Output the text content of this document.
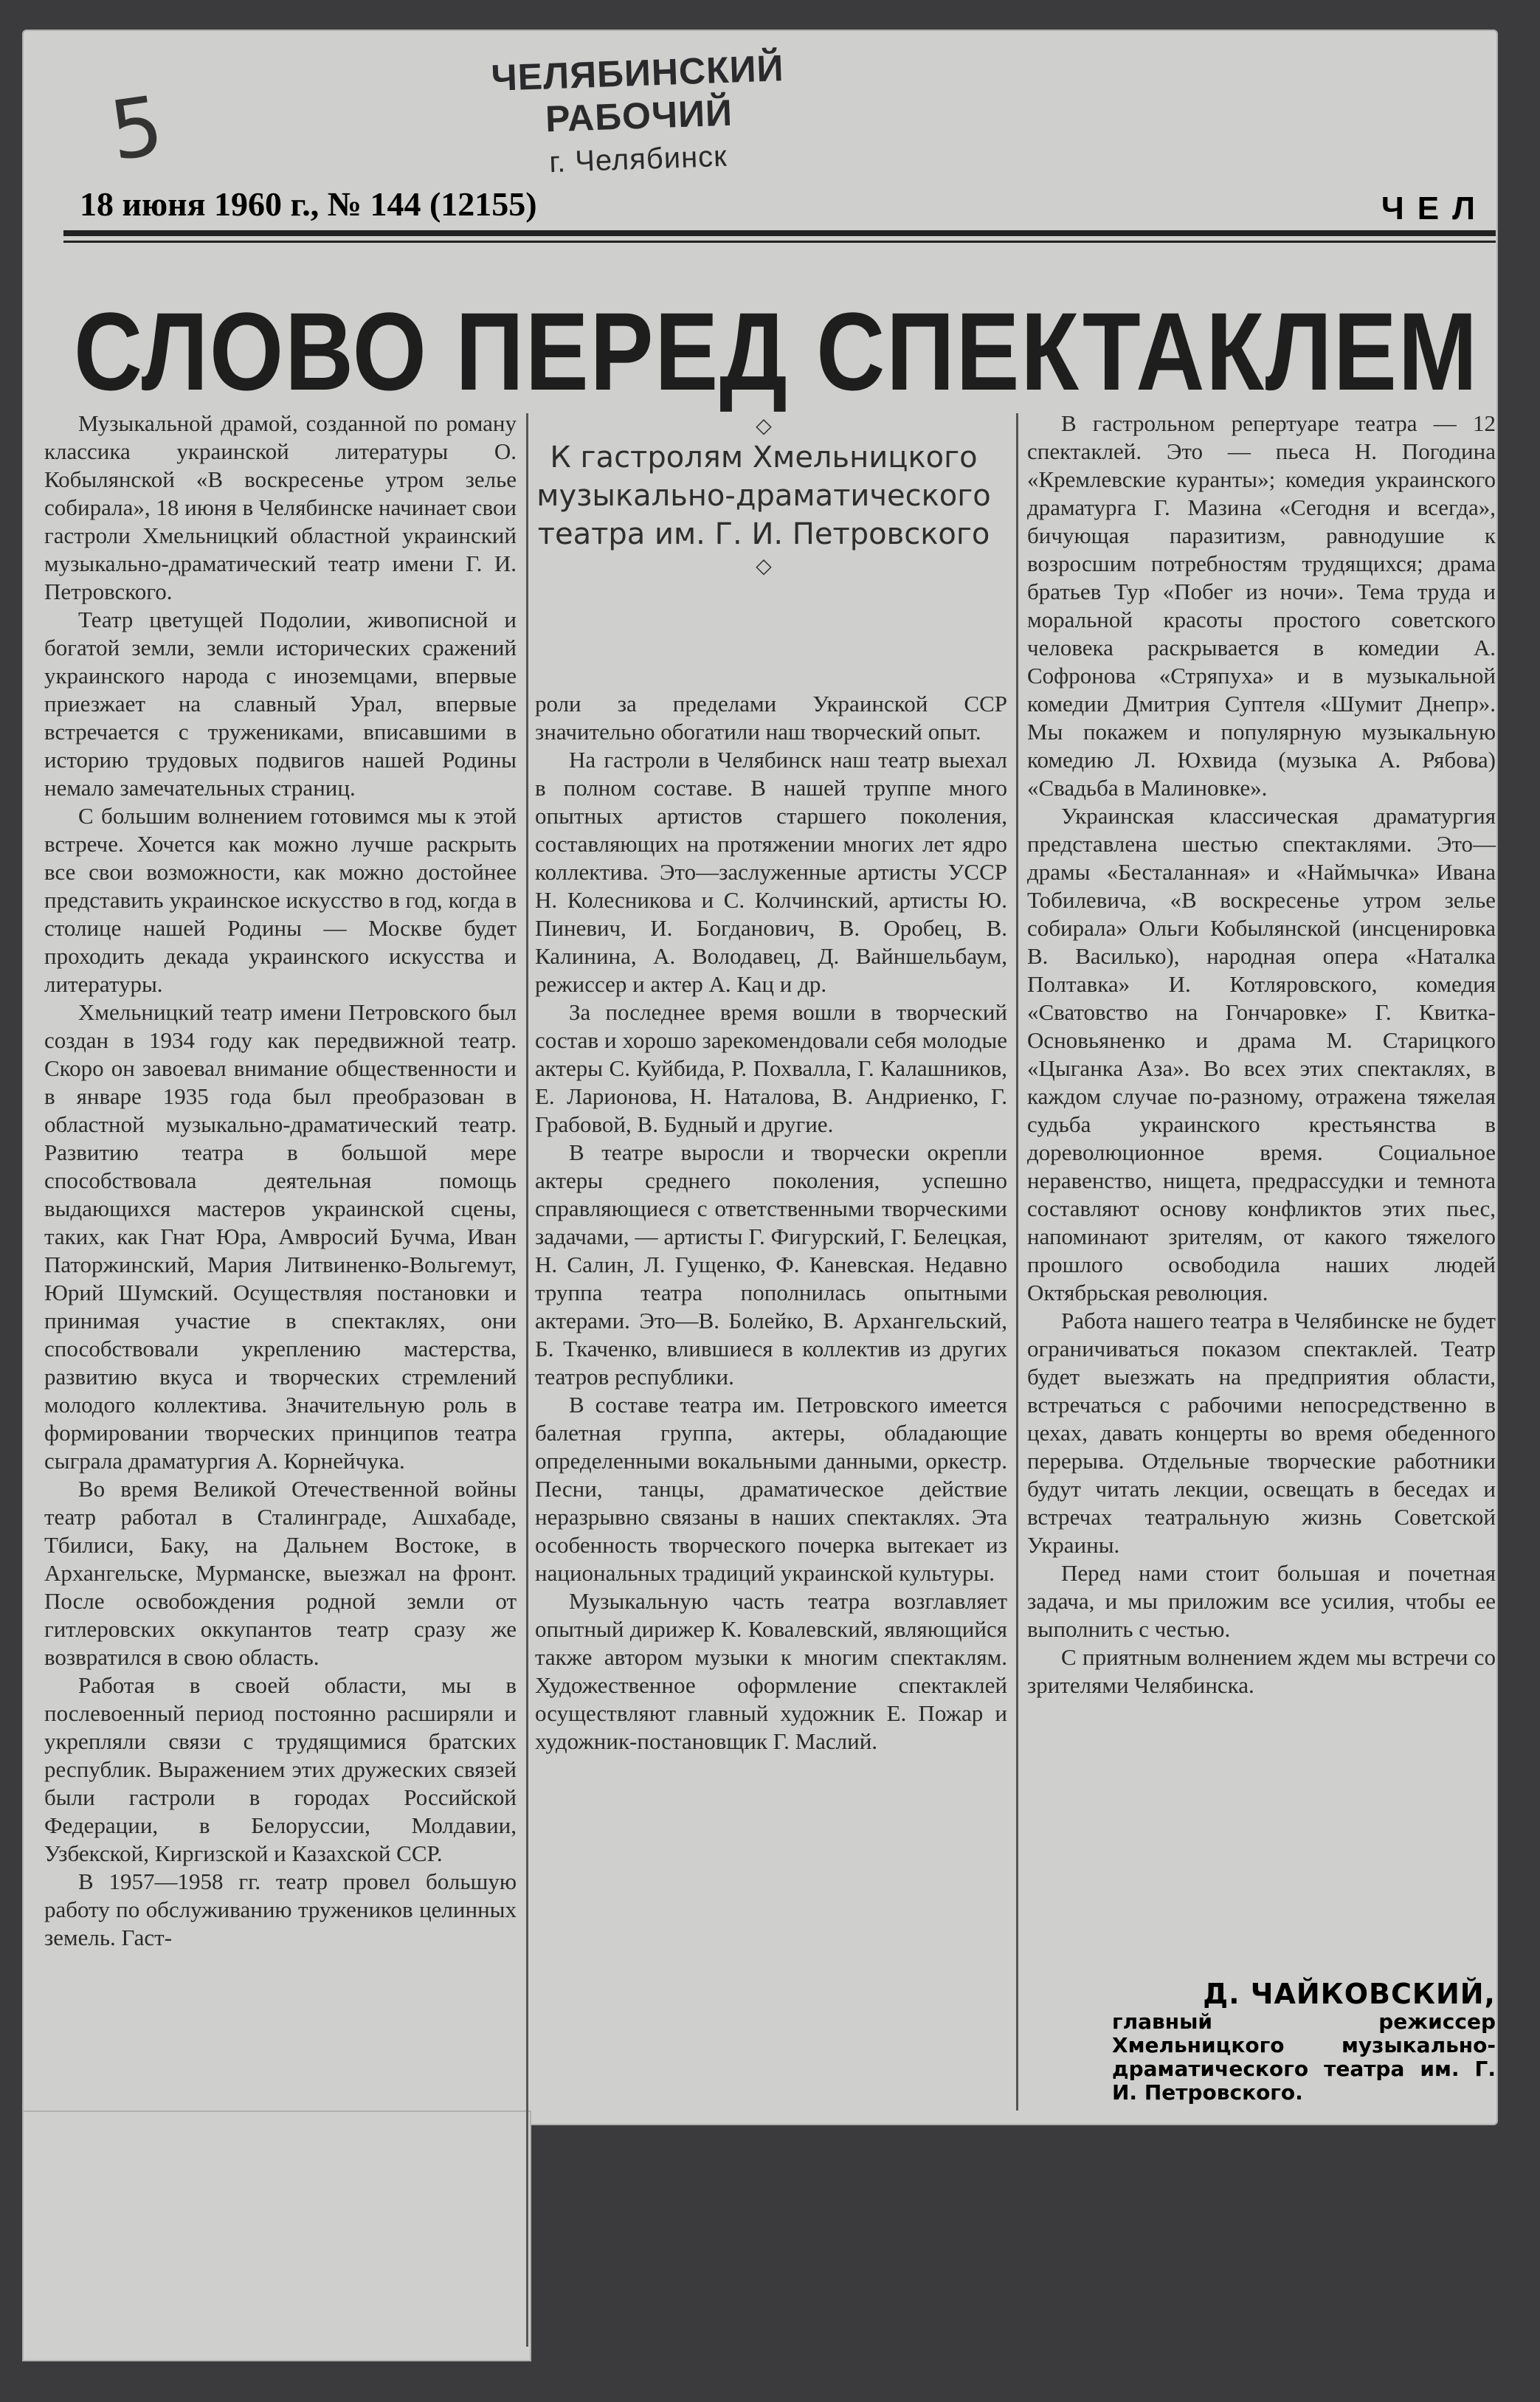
ЧЕЛЯБИНСКИЙ РАБОЧИЙ
г. Челябинск
5
18 июня 1960 г., № 144 (12155)	ЧЕЛ
СЛОВО ПЕРЕД СПЕКТАКЛЕМ

Музыкальной драмой, созданной по роману классика украинской литературы О. Кобылянской «В воскресенье утром зелье собирала», 18 июня в Челябинске начинает свои гастроли Хмельницкий областной украинский музыкально-драматический театр имени Г. И. Петровского.

Театр цветущей Подолии, живописной и богатой земли, земли исторических сражений украинского народа с иноземцами, впервые приезжает на славный Урал, впервые встречается с тружениками, вписавшими в историю трудовых подвигов нашей Родины немало замечательных страниц.

С большим волнением готовимся мы к этой встрече. Хочется как можно лучше раскрыть все свои возможности, как можно достойнее представить украинское искусство в год, когда в столице нашей Родины — Москве будет проходить декада украинского искусства и литературы.

Хмельницкий театр имени Петровского был создан в 1934 году как передвижной театр. Скоро он завоевал внимание общественности и в январе 1935 года был преобразован в областной музыкально-драматический театр. Развитию театра в большой мере способствовала деятельная помощь выдающихся мастеров украинской сцены, таких, как Гнат Юра, Амвросий Бучма, Иван Паторжинский, Мария Литвиненко-Вольгемут, Юрий Шумский. Осуществляя постановки и принимая участие в спектаклях, они способствовали укреплению мастерства, развитию вкуса и творческих стремлений молодого коллектива. Значительную роль в формировании творческих принципов театра сыграла драматургия А. Корнейчука.

Во время Великой Отечественной войны театр работал в Сталинграде, Ашхабаде, Тбилиси, Баку, на Дальнем Востоке, в Архангельске, Мурманске, выезжал на фронт. После освобождения родной земли от гитлеровских оккупантов театр сразу же возвратился в свою область.

Работая в своей области, мы в послевоенный период постоянно расширяли и укрепляли связи с трудящимися братских республик. Выражением этих дружеских связей были гастроли в городах Российской Федерации, в Белоруссии, Молдавии, Узбекской, Киргизской и Казахской ССР.

В 1957—1958 гг. театр провел большую работу по обслуживанию тружеников целинных земель. Гаст-

◇
К гастролям Хмельницкого музыкально-драматического театра им. Г. И. Петровского
◇

роли за пределами Украинской ССР значительно обогатили наш творческий опыт.

На гастроли в Челябинск наш театр выехал в полном составе. В нашей труппе много опытных артистов старшего поколения, составляющих на протяжении многих лет ядро коллектива. Это—заслуженные артисты УССР Н. Колесникова и С. Колчинский, артисты Ю. Пиневич, И. Богданович, В. Оробец, В. Калинина, А. Володавец, Д. Вайншельбаум, режиссер и актер А. Кац и др.

За последнее время вошли в творческий состав и хорошо зарекомендовали себя молодые актеры С. Куйбида, Р. Похвалла, Г. Калашников, Е. Ларионова, Н. Наталова, В. Андриенко, Г. Грабовой, В. Будный и другие.

В театре выросли и творчески окрепли актеры среднего поколения, успешно справляющиеся с ответственными творческими задачами, — артисты Г. Фигурский, Г. Белецкая, Н. Салин, Л. Гущенко, Ф. Каневская. Недавно труппа театра пополнилась опытными актерами. Это—В. Болейко, В. Архангельский, Б. Ткаченко, влившиеся в коллектив из других театров республики.

В составе театра им. Петровского имеется балетная группа, актеры, обладающие определенными вокальными данными, оркестр. Песни, танцы, драматическое действие неразрывно связаны в наших спектаклях. Эта особенность творческого почерка вытекает из национальных традиций украинской культуры.

Музыкальную часть театра возглавляет опытный дирижер К. Ковалевский, являющийся также автором музыки к многим спектаклям. Художественное оформление спектаклей осуществляют главный художник Е. Пожар и художник-постановщик Г. Маслий.

В гастрольном репертуаре театра — 12 спектаклей. Это — пьеса Н. Погодина «Кремлевские куранты»; комедия украинского драматурга Г. Мазина «Сегодня и всегда», бичующая паразитизм, равнодушие к возросшим потребностям трудящихся; драма братьев Тур «Побег из ночи». Тема труда и моральной красоты простого советского человека раскрывается в комедии А. Софронова «Стряпуха» и в музыкальной комедии Дмитрия Суптеля «Шумит Днепр». Мы покажем и популярную музыкальную комедию Л. Юхвида (музыка А. Рябова) «Свадьба в Малиновке».

Украинская классическая драматургия представлена шестью спектаклями. Это—драмы «Бесталанная» и «Наймычка» Ивана Тобилевича, «В воскресенье утром зелье собирала» Ольги Кобылянской (инсценировка В. Василько), народная опера «Наталка Полтавка» И. Котляровского, комедия «Сватовство на Гончаровке» Г. Квитка-Основьяненко и драма М. Старицкого «Цыганка Аза». Во всех этих спектаклях, в каждом случае по-разному, отражена тяжелая судьба украинского крестьянства в дореволюционное время. Социальное неравенство, нищета, предрассудки и темнота составляют основу конфликтов этих пьес, напоминают зрителям, от какого тяжелого прошлого освободила наших людей Октябрьская революция.

Работа нашего театра в Челябинске не будет ограничиваться показом спектаклей. Театр будет выезжать на предприятия области, встречаться с рабочими непосредственно в цехах, давать концерты во время обеденного перерыва. Отдельные творческие работники будут читать лекции, освещать в беседах и встречах театральную жизнь Советской Украины.

Перед нами стоит большая и почетная задача, и мы приложим все усилия, чтобы ее выполнить с честью.

С приятным волнением ждем мы встречи со зрителями Челябинска.

Д. ЧАЙКОВСКИЙ,
главный режиссер Хмельницкого музыкально-драматического театра им. Г. И. Петровского.
